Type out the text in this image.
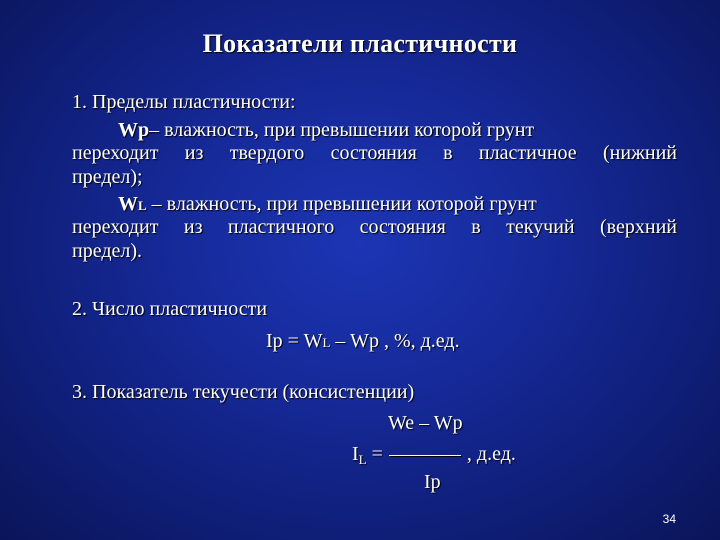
Показатели пластичности
1. Пределы пластичности:
Wp– влажность, при превышении которой грунт
переходит из твердого состояния в пластичное (нижний
предел);
WL – влажность, при превышении которой грунт
переходит из пластичного состояния в текучий (верхний
предел).
2. Число пластичности
Ip = WL – Wp , %, д.ед.
3. Показатель текучести (консистенции)
We – Wp
$I_L$ =	, д.ед.
Ip
34
